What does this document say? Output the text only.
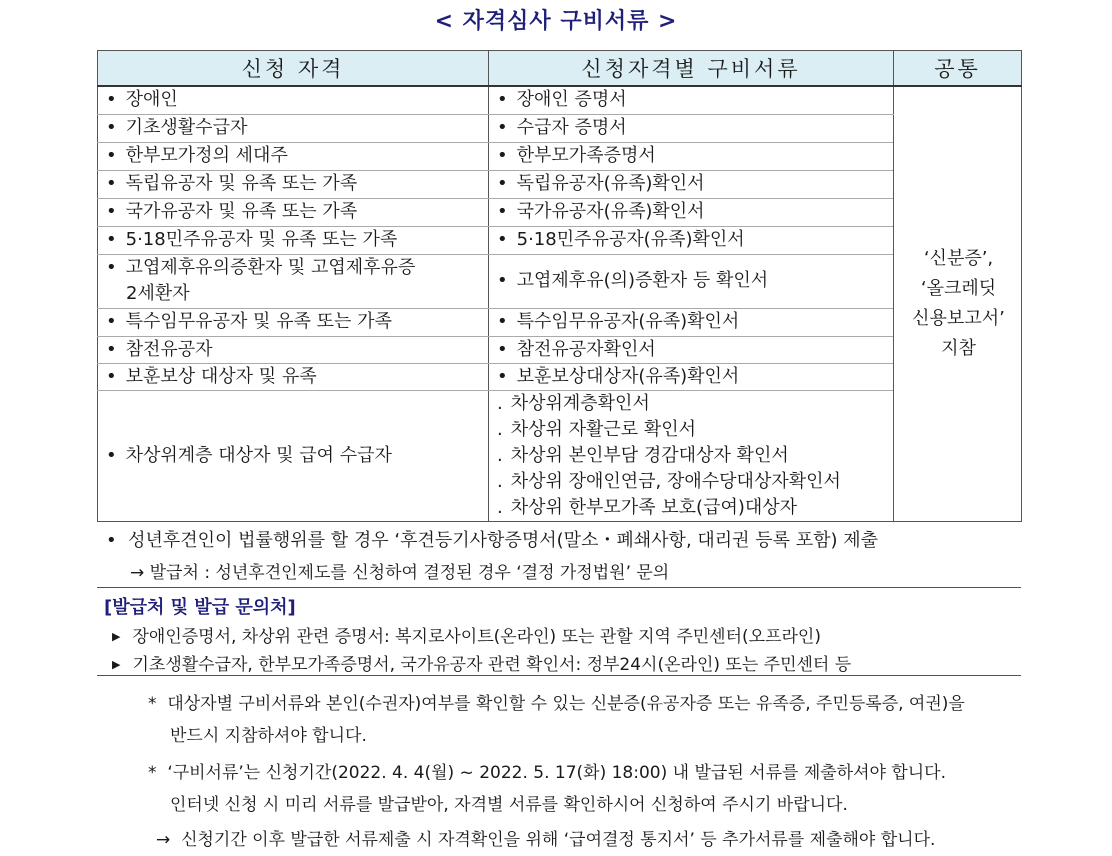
< 자격심사 구비서류 >
신청 자격	신청자격별 구비서류	공통
• 장애인	• 장애인 증명서	‘신분증’,
‘올크레딧
신용보고서’
지참

• 기초생활수급자	• 수급자 증명서
• 한부모가정의 세대주	• 한부모가족증명서
• 독립유공자 및 유족 또는 가족	• 독립유공자(유족)확인서
• 국가유공자 및 유족 또는 가족	• 국가유공자(유족)확인서
• 5·18민주유공자 및 유족 또는 가족	• 5·18민주유공자(유족)확인서
• 고엽제후유의증환자 및 고엽제후유증
2세환자	• 고엽제후유(의)증환자 등 확인서
• 특수임무유공자 및 유족 또는 가족	• 특수임무유공자(유족)확인서
• 참전유공자	• 참전유공자확인서
• 보훈보상 대상자 및 유족	• 보훈보상대상자(유족)확인서
• 차상위계층 대상자 및 급여 수급자	. 차상위계층확인서
. 차상위 자활근로 확인서
. 차상위 본인부담 경감대상자 확인서
. 차상위 장애인연금, 장애수당대상자확인서
. 차상위 한부모가족 보호(급여)대상자
•  성년후견인이 법률행위를 할 경우 ‘후견등기사항증명서(말소・폐쇄사항, 대리권 등록 포함) 제출
→ 발급처 : 성년후견인제도를 신청하여 결정된 경우 ‘결정 가정법원’ 문의
[발급처 및 발급 문의처]
▶ 장애인증명서, 차상위 관련 증명서: 복지로사이트(온라인) 또는 관할 지역 주민센터(오프라인)
▶ 기초생활수급자, 한부모가족증명서, 국가유공자 관련 확인서: 정부24시(온라인) 또는 주민센터 등
* 대상자별 구비서류와 본인(수권자)여부를 확인할 수 있는 신분증(유공자증 또는 유족증, 주민등록증, 여권)을
반드시 지참하셔야 합니다.
* ‘구비서류’는 신청기간(2022. 4. 4(월) ~ 2022. 5. 17(화) 18:00) 내 발급된 서류를 제출하셔야 합니다.
인터넷 신청 시 미리 서류를 발급받아, 자격별 서류를 확인하시어 신청하여 주시기 바랍니다.
→ 신청기간 이후 발급한 서류제출 시 자격확인을 위해 ‘급여결정 통지서’ 등 추가서류를 제출해야 합니다.
